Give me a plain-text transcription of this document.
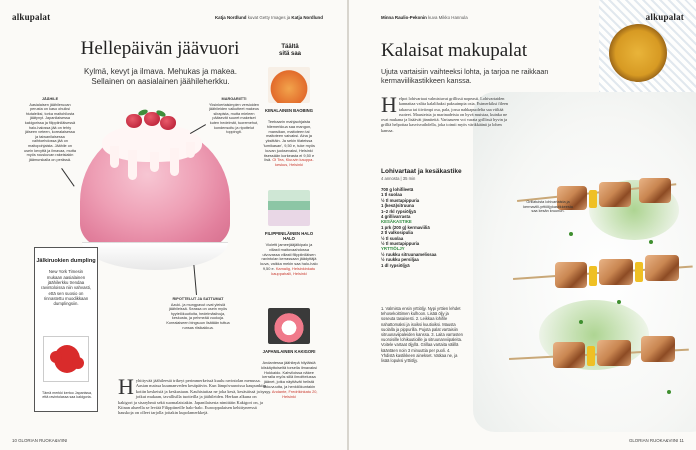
alkupalat	Katja Nordlund kuvat Getty Images ja Katja Nordlund
Hellepäivän jäävuori
Kylmä, kevyt ja ilmava. Mehukas ja makea.
Sellainen on aasialainen jäähileherkku.
JÄÄHILE
Aasialaisen jäähileruoan perusta on kaso ohuiksi hiutaleiksi, torka maitohilosta jäätynyt. Japanilaisessa kakigorissa ja filippiiniläisessä halo-halossa jää on tehty jäiseen veteen, korealaisessa ja taiwanilaisessa vaihtoehdossa jää on maitopohjaista. Jäähile on usein kevyttä ja ilmavaa, mutta myös rouskuvan rakeisiakin jäämurskalla on perässä.
MARGARIITTI
Yksinkertaisimpien versioiden jäähileiden vaikutteet makeus siirapista, mutta mieleen pääsevät suuret makeiset kuten hedelmät, tuoremehut, kondensoitu ja ripottelut toppingit.
RIPOTTELUT JA SATTUMAT
Azuki- ja mungpavut ovat yleisiä jäähileissä. Seassa on usein myös hyytelökuutioita, hedelmäsiivuja, keskusta, ja pehmeää vuokoja. Korealaiseen bingsuun lisätään tuttua runsas riisikakkua.
Jälkiruokien dumpling
New York Timesin mukaan aasialainen jäähilerkku trendaa ravintoloissa niin vahvasti, että sen suosio on rinnastettu muodikkaan dumplingsiin.
Tämä merkki kertoo Japanissa, että ravintolassa saa kakigoria.
Täältä
sitä saa
KIINALAINEN BAOBING
Teebaarin mahjaohjaista hilemerkkua saa mangon, mansikan, maitoteen tai maitoteen vaivaksi. Aina ja yksittäin. Ja sekin tilateissa 'lumikasan', 9,50 e, tuke myös kuvan juoksevaksi, Helsinki itsessään korkeasta ei 9,50 e lisä. Ol Tea, Kluuvin kauppa-keskus, Helsinki
FILIPPIINILÄINEN HALO HALO
Violetti jameejääjälkipalo ja villasti maitovaahdossa ulvovassa villasti filippiiniläisen ravintolan kerrassaan jäädyttäjä kuva, vaikka mekin saa halo-halo 9,50 e. Kamalig, Helsinkinkatu kauppahalli, Helsinki
JAPANILAINEN KAKIGORI
Andantessa jäähilepä hilyläisiä kiiskäyttoiseltä torsella ilmavaksi Hokkaido. Kahviloissa näkee kerralla myös sillä ilmoittelussa jäänet, jotka näyttävät helistä liikkuvuutta, ja henkilökuntakin kysyy. Andante, Fredrikinkatu 20, Helsinki
H yhittyvää jäähileestä trikeyt perimmerkeissä kuulu ravintolan menussa. Aasian maissa kuumanveden kesäpäivin. Kun lämpövaaroissa kaupunkiin kotiin keskeisiä ja keskustaan. Kauhistuttaa ne joka kesä, kesäsäissä ja jotkut mukaan, tavallisilla tuotteilla ja jäähileiden. Herkun alkuna on kakigori ja sisaryhmä sekä suomalaisiakin. Japanilaisesta nimittäin Kakigori on, ja Kiinan alueella se leviää Filippiineille halo-halo. Eurooppalaisen kehittyneessä hauskoja on olleet tarjolla joitakin kupolamerkkejä.
10 GLORIAN RUOKA&VIINI
alkupalat
Minna Raulio-Pekonin kuva Mikko Hannula
Kalaisat makupalat
Ujuta vartaisiin vaihteeksi lohta, ja tarjoa ne raikkaan kermaviilikastikkeen kanssa.
H elpot lohivartaat valmistuvat grillissä nopeasti. Lohivartaiden kannattaa valita kalalihaksi paksuimpia osia. Esimerkiksi fileen takaosa tai tiiviimpi osa, pala, jossa nahkapuolelta saa viiltää ruoteet. Mausteista ja marinadeista on hyvä muistaa, kuinka ne ovat mukana ja lisäävät jännitettä. Vartaaseen voi varata grillissä hyvin ja grilliä helpottaa kasvisvaihdella, joka toimii myös värikkäänä ja lohen kanssa.
Lohivartaat ja kesäkastike
4 annosta | 35 min
700 g lohifileetä
1 tl suolaa
½ tl mustapippuria
1 (kesä)sitruuna
1–2 rkl rypsiöljyä
4 grillivarrasta
KESÄKASTIKE
1 prk (200 g) kermaviiliä
2 tl valkosipulia
½ tl suolaa
½ tl mustapippuria
YRTTIÖLJY
½ ruukku sitruunamelissaa
½ ruukku persiljaa
1 dl rypsiöljyä
1. Valmista ensin yrttiöljy. Nypi yrttien lehdet tehosekoittimen kulhoon. Lisää öljy ja soseuta tasaisesti. 2. Leikkaa lohifile nahattomaksi ja isoiksi kuutioiksi. Mausta suolalla ja pippurilla. Pujota palat vartaisiin sitruunaviipaleiden kanssa. 3. Laita varrasten vuoroisille lohikuutioille ja sitruunanviipaleita. Voitele vartaat öljyllä. Grillaa vartaita välillä kääntäen noin 3 minuuttia per puoli. 4. Yhdistä kastikkeen ainekset. Vatkaa ne, ja lisää lopuksi yrttiöljy.
Grillatuista lohivartaista ja kermaviili-yrttiöljykastikkeesta saa kesän kruunun.
GLORIAN RUOKA&VIINI 11
